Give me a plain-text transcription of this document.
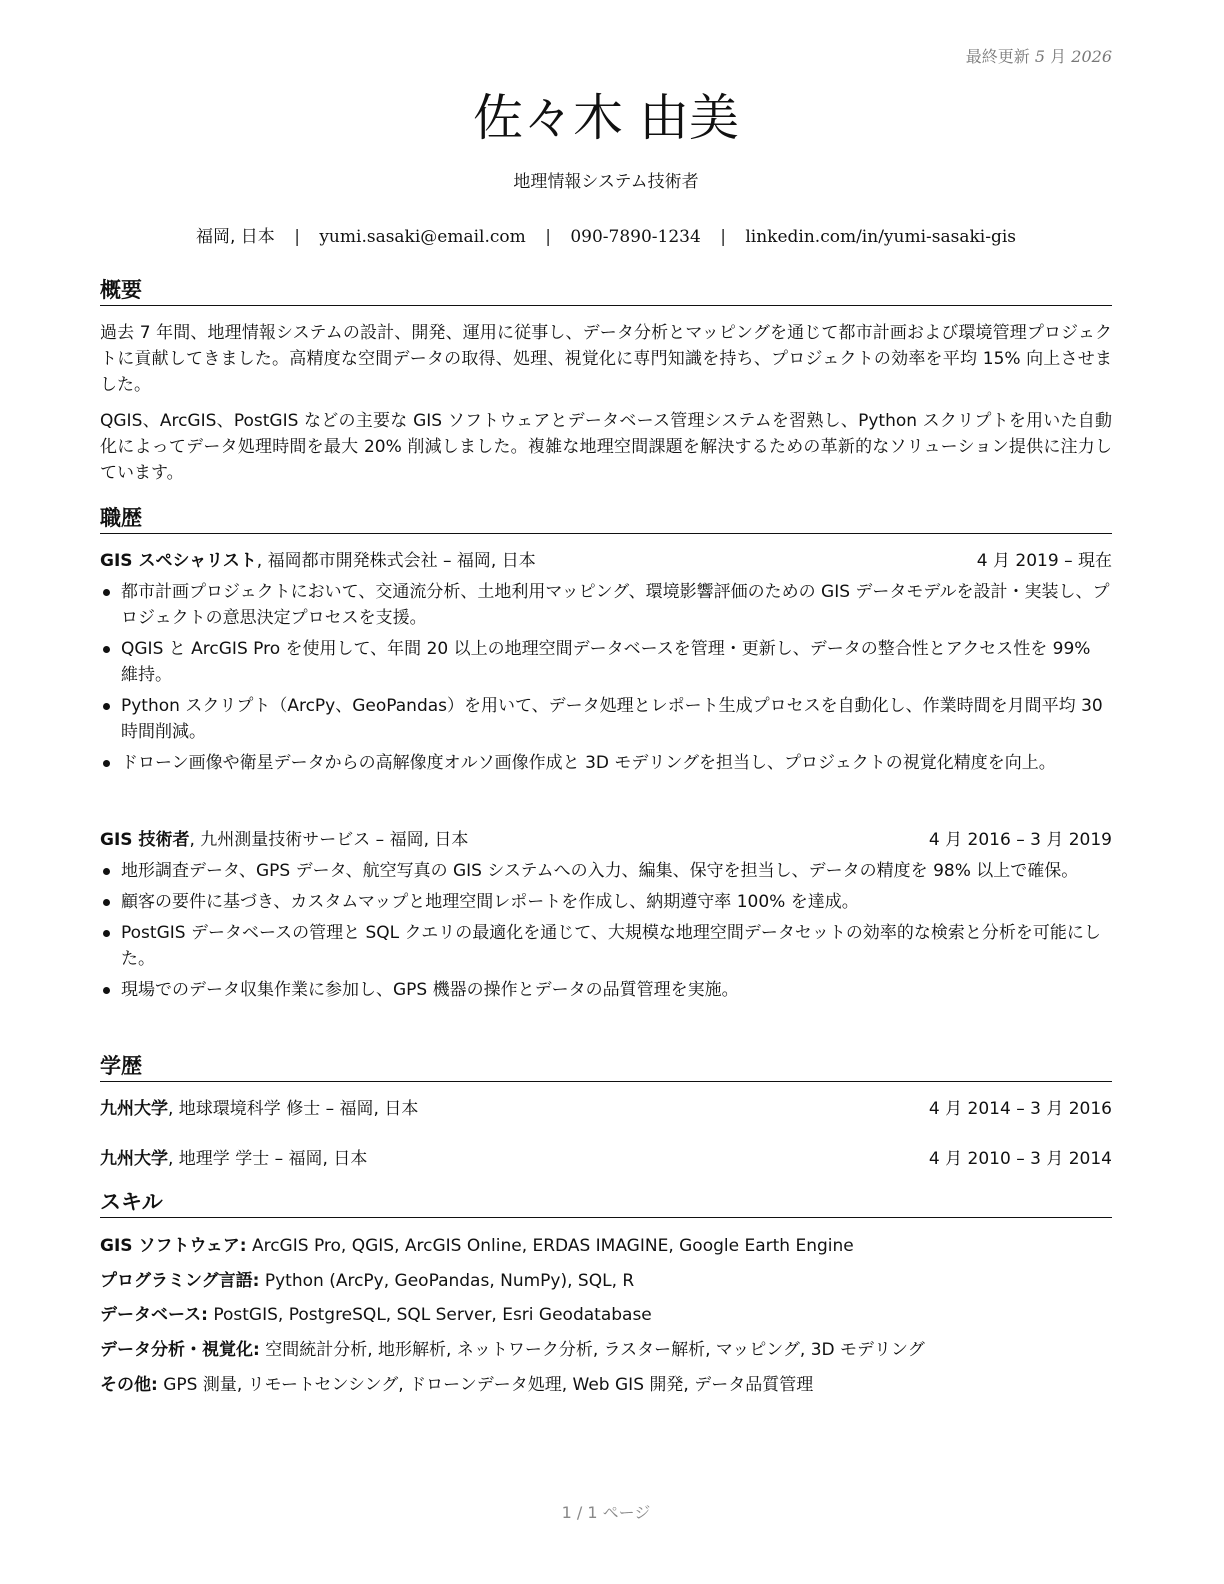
最終更新 5 月 2026
佐々木 由美
地理情報システム技術者
福岡, 日本 | yumi.sasaki@email.com | 090-7890-1234 | linkedin.com/in/yumi-sasaki-gis
概要
過去 7 年間、地理情報システムの設計、開発、運用に従事し、データ分析とマッピングを通じて都市計画および環境管理プロジェクトに貢献してきました。高精度な空間データの取得、処理、視覚化に専門知識を持ち、プロジェクトの効率を平均 15% 向上させました。
QGIS、ArcGIS、PostGIS などの主要な GIS ソフトウェアとデータベース管理システムを習熟し、Python スクリプトを用いた自動化によってデータ処理時間を最大 20% 削減しました。複雑な地理空間課題を解決するための革新的なソリューション提供に注力しています。
職歴
GIS スペシャリスト, 福岡都市開発株式会社 – 福岡, 日本	4 月 2019 – 現在
都市計画プロジェクトにおいて、交通流分析、土地利用マッピング、環境影響評価のための GIS データモデルを設計・実装し、プロジェクトの意思決定プロセスを支援。
QGIS と ArcGIS Pro を使用して、年間 20 以上の地理空間データベースを管理・更新し、データの整合性とアクセス性を 99% 維持。
Python スクリプト（ArcPy、GeoPandas）を用いて、データ処理とレポート生成プロセスを自動化し、作業時間を月間平均 30 時間削減。
ドローン画像や衛星データからの高解像度オルソ画像作成と 3D モデリングを担当し、プロジェクトの視覚化精度を向上。
GIS 技術者, 九州測量技術サービス – 福岡, 日本	4 月 2016 – 3 月 2019
地形調査データ、GPS データ、航空写真の GIS システムへの入力、編集、保守を担当し、データの精度を 98% 以上で確保。
顧客の要件に基づき、カスタムマップと地理空間レポートを作成し、納期遵守率 100% を達成。
PostGIS データベースの管理と SQL クエリの最適化を通じて、大規模な地理空間データセットの効率的な検索と分析を可能にした。
現場でのデータ収集作業に参加し、GPS 機器の操作とデータの品質管理を実施。
学歴
九州大学, 地球環境科学 修士 – 福岡, 日本	4 月 2014 – 3 月 2016
九州大学, 地理学 学士 – 福岡, 日本	4 月 2010 – 3 月 2014
スキル
GIS ソフトウェア: ArcGIS Pro, QGIS, ArcGIS Online, ERDAS IMAGINE, Google Earth Engine
プログラミング言語: Python (ArcPy, GeoPandas, NumPy), SQL, R
データベース: PostGIS, PostgreSQL, SQL Server, Esri Geodatabase
データ分析・視覚化: 空間統計分析, 地形解析, ネットワーク分析, ラスター解析, マッピング, 3D モデリング
その他: GPS 測量, リモートセンシング, ドローンデータ処理, Web GIS 開発, データ品質管理
1 / 1 ページ
